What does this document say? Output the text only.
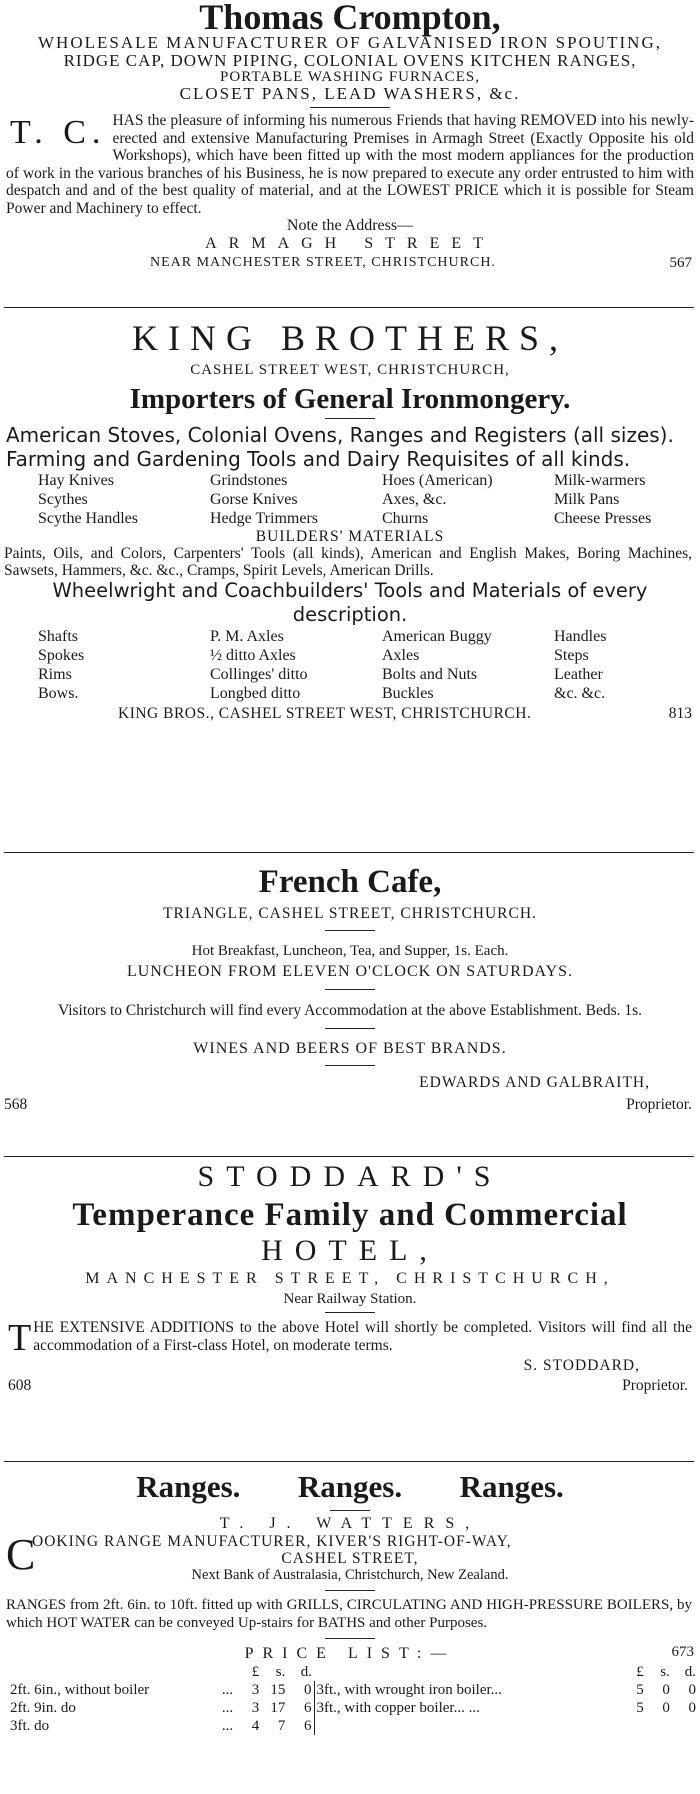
Thomas Crompton,
WHOLESALE MANUFACTURER OF GALVANISED IRON SPOUTING,
RIDGE CAP, DOWN PIPING, COLONIAL OVENS KITCHEN RANGES,
PORTABLE WASHING FURNACES,
CLOSET PANS, LEAD WASHERS, &c.
T. C. HAS the pleasure of informing his numerous Friends that having REMOVED into his newly-erected and extensive Manufacturing Premises in Armagh Street (Exactly Opposite his old Workshops), which have been fitted up with the most modern appliances for the production of work in the various branches of his Business, he is now prepared to execute any order entrusted to him with despatch and and of the best quality of material, and at the LOWEST PRICE which it is possible for Steam Power and Machinery to effect.
Note the Address—
ARMAGH STREET
NEAR MANCHESTER STREET, CHRISTCHURCH.	567
KING BROTHERS,
CASHEL STREET WEST, CHRISTCHURCH,
Importers of General Ironmongery.
American Stoves, Colonial Ovens, Ranges and Registers (all sizes). Farming and Gardening Tools and Dairy Requisites of all kinds.
Hay Knives	Grindstones	Hoes (American)	Milk-warmers
Scythes	Gorse Knives	Axes, &c.	Milk Pans
Scythe Handles	Hedge Trimmers	Churns	Cheese Presses
BUILDERS' MATERIALS
Paints, Oils, and Colors, Carpenters' Tools (all kinds), American and English Makes, Boring Machines, Sawsets, Hammers, &c. &c., Cramps, Spirit Levels, American Drills.
Wheelwright and Coachbuilders' Tools and Materials of every description.
Shafts	P. M. Axles	American Buggy	Handles
Spokes	½ ditto Axles	Axles	Steps
Rims	Collinges' ditto	Bolts and Nuts	Leather
Bows.	Longbed ditto	Buckles	&c. &c.
KING BROS., CASHEL STREET WEST, CHRISTCHURCH.	813
French Cafe,
TRIANGLE, CASHEL STREET, CHRISTCHURCH.
Hot Breakfast, Luncheon, Tea, and Supper, 1s. Each.
LUNCHEON FROM ELEVEN O'CLOCK ON SATURDAYS.
Visitors to Christchurch will find every Accommodation at the above Establishment. Beds. 1s.
WINES AND BEERS OF BEST BRANDS.
EDWARDS AND GALBRAITH,
568	Proprietor.
STODDARD'S
Temperance Family and Commercial
HOTEL,
MANCHESTER STREET, CHRISTCHURCH,
Near Railway Station.
T HE EXTENSIVE ADDITIONS to the above Hotel will shortly be completed. Visitors will find all the accommodation of a First-class Hotel, on moderate terms.
S. STODDARD,
608	Proprietor.
Ranges. Ranges. Ranges.
T. J. WATTERS,
C
OOKING RANGE MANUFACTURER, KIVER'S RIGHT-OF-WAY,
CASHEL STREET,
Next Bank of Australasia, Christchurch, New Zealand.
RANGES from 2ft. 6in. to 10ft. fitted up with GRILLS, CIRCULATING AND HIGH-PRESSURE BOILERS, by which HOT WATER can be conveyed Up-stairs for BATHS and other Purposes.
PRICE LIST:—
	£	s.	d.		£	s.	d.
2ft. 6in., without boiler ...	3	15	0	3ft., with wrought iron boiler...	5	0	0
2ft. 9in. do ...	3	17	6	3ft., with copper boiler... ...	5	0	0
3ft. do ...	4	7	6				
673
